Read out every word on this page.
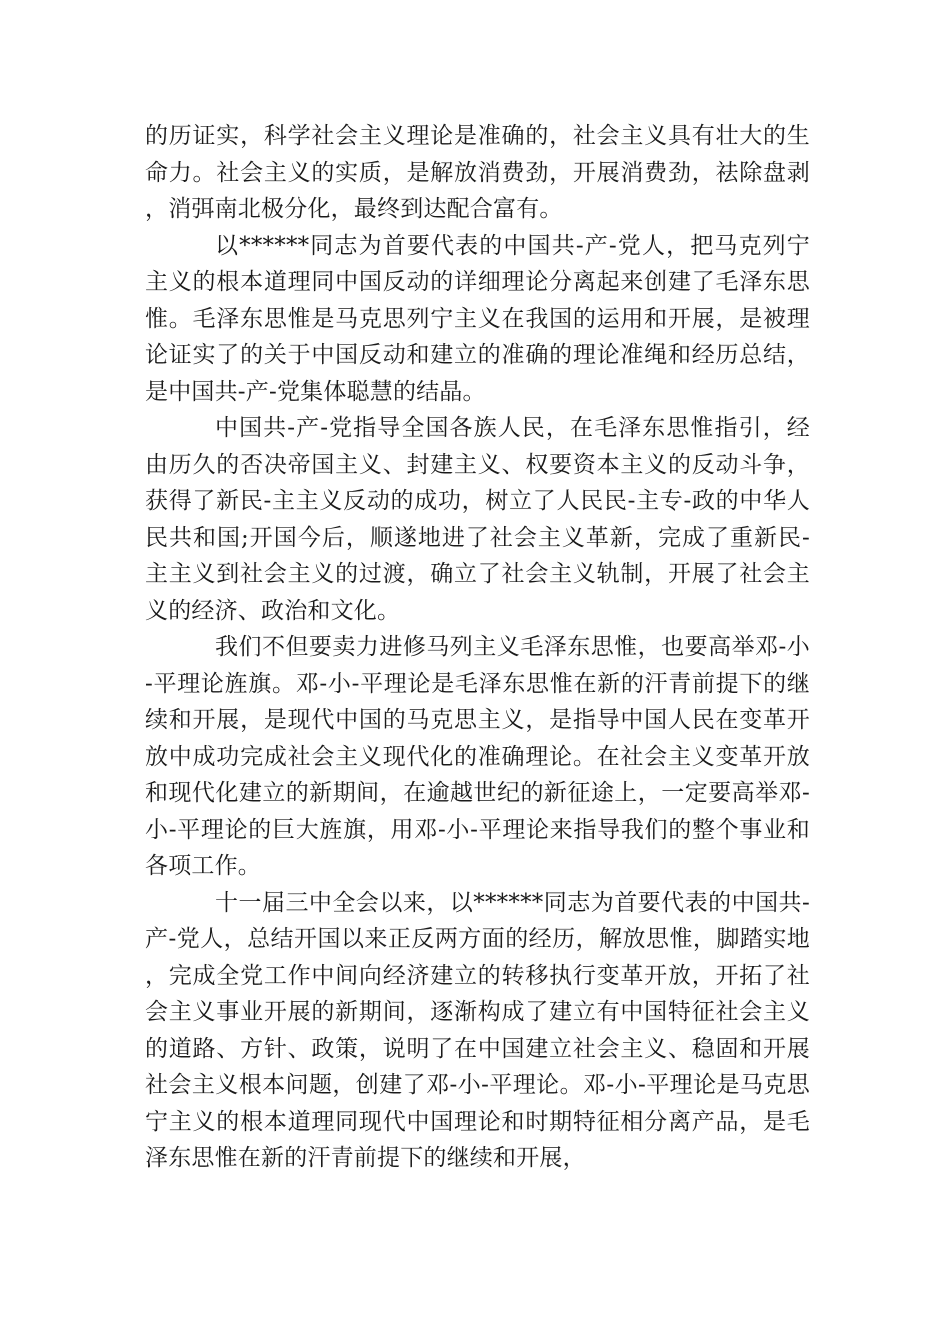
的历证实，科学社会主义理论是准确的，社会主义具有壮大的生命力。社会主义的实质，是解放消费劲，开展消费劲，祛除盘剥，消弭南北极分化，最终到达配合富有。

以******同志为首要代表的中国共-产-党人，把马克列宁主义的根本道理同中国反动的详细理论分离起来创建了毛泽东思惟。毛泽东思惟是马克思列宁主义在我国的运用和开展，是被理论证实了的关于中国反动和建立的准确的理论准绳和经历总结，是中国共-产-党集体聪慧的结晶。

中国共-产-党指导全国各族人民，在毛泽东思惟指引，经由历久的否决帝国主义、封建主义、权要资本主义的反动斗争，获得了新民-主主义反动的成功，树立了人民民-主专-政的中华人民共和国;开国今后，顺遂地进了社会主义革新，完成了重新民-主主义到社会主义的过渡，确立了社会主义轨制，开展了社会主义的经济、政治和文化。

我们不但要卖力进修马列主义毛泽东思惟，也要高举邓-小-平理论旌旗。邓-小-平理论是毛泽东思惟在新的汗青前提下的继续和开展，是现代中国的马克思主义，是指导中国人民在变革开放中成功完成社会主义现代化的准确理论。在社会主义变革开放和现代化建立的新期间，在逾越世纪的新征途上，一定要高举邓-小-平理论的巨大旌旗，用邓-小-平理论来指导我们的整个事业和各项工作。

十一届三中全会以来，以******同志为首要代表的中国共-产-党人，总结开国以来正反两方面的经历，解放思惟，脚踏实地，完成全党工作中间向经济建立的转移执行变革开放，开拓了社会主义事业开展的新期间，逐渐构成了建立有中国特征社会主义的道路、方针、政策，说明了在中国建立社会主义、稳固和开展社会主义根本问题，创建了邓-小-平理论。邓-小-平理论是马克思宁主义的根本道理同现代中国理论和时期特征相分离产品，是毛泽东思惟在新的汗青前提下的继续和开展，
